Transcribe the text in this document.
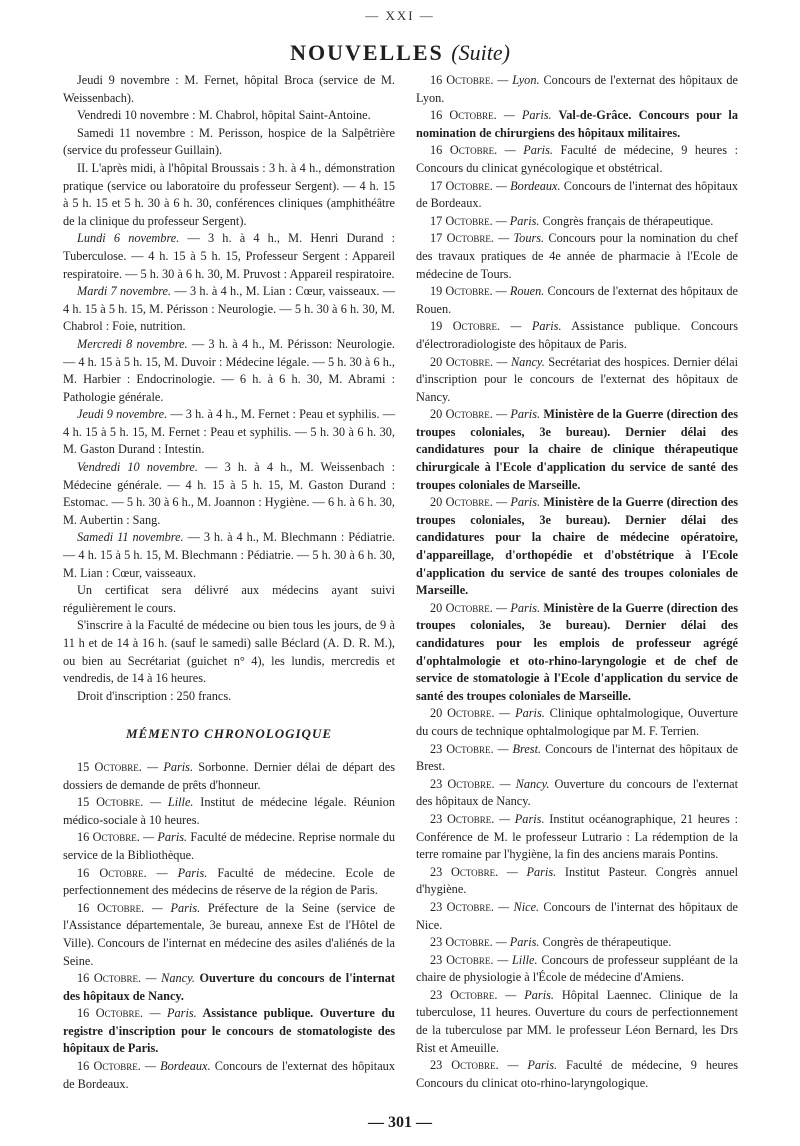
— XXI —
NOUVELLES (Suite)

Jeudi 9 novembre : M. Fernet, hôpital Broca (service de M. Weissenbach).

Vendredi 10 novembre : M. Chabrol, hôpital Saint-Antoine.

Samedi 11 novembre : M. Perisson, hospice de la Salpêtrière (service du professeur Guillain).

II. L'après midi, à l'hôpital Broussais : 3 h. à 4 h., démonstration pratique (service ou laboratoire du professeur Sergent). — 4 h. 15 à 5 h. 15 et 5 h. 30 à 6 h. 30, conférences cliniques (amphithéâtre de la clinique du professeur Sergent).

Lundi 6 novembre. — 3 h. à 4 h., M. Henri Durand : Tuberculose. — 4 h. 15 à 5 h. 15, Professeur Sergent : Appareil respiratoire. — 5 h. 30 à 6 h. 30, M. Pruvost : Appareil respiratoire.

Mardi 7 novembre. — 3 h. à 4 h., M. Lian : Cœur, vaisseaux. — 4 h. 15 à 5 h. 15, M. Périsson : Neurologie. — 5 h. 30 à 6 h. 30, M. Chabrol : Foie, nutrition.

Mercredi 8 novembre. — 3 h. à 4 h., M. Périsson: Neurologie. — 4 h. 15 à 5 h. 15, M. Duvoir : Médecine légale. — 5 h. 30 à 6 h., M. Harbier : Endocrinologie. — 6 h. à 6 h. 30, M. Abrami : Pathologie générale.

Jeudi 9 novembre. — 3 h. à 4 h., M. Fernet : Peau et syphilis. — 4 h. 15 à 5 h. 15, M. Fernet : Peau et syphilis. — 5 h. 30 à 6 h. 30, M. Gaston Durand : Intestin.

Vendredi 10 novembre. — 3 h. à 4 h., M. Weissenbach : Médecine générale. — 4 h. 15 à 5 h. 15, M. Gaston Durand : Estomac. — 5 h. 30 à 6 h., M. Joannon : Hygiène. — 6 h. à 6 h. 30, M. Aubertin : Sang.

Samedi 11 novembre. — 3 h. à 4 h., M. Blechmann : Pédiatrie. — 4 h. 15 à 5 h. 15, M. Blechmann : Pédiatrie. — 5 h. 30 à 6 h. 30, M. Lian : Cœur, vaisseaux.

Un certificat sera délivré aux médecins ayant suivi régulièrement le cours.

S'inscrire à la Faculté de médecine ou bien tous les jours, de 9 à 11 h et de 14 à 16 h. (sauf le samedi) salle Béclard (A. D. R. M.), ou bien au Secrétariat (guichet n° 4), les lundis, mercredis et vendredis, de 14 à 16 heures.

Droit d'inscription : 250 francs.

MÉMENTO CHRONOLOGIQUE

15 Octobre. — Paris. Sorbonne. Dernier délai de départ des dossiers de demande de prêts d'honneur.

15 Octobre. — Lille. Institut de médecine légale. Réunion médico-sociale à 10 heures.

16 Octobre. — Paris. Faculté de médecine. Reprise normale du service de la Bibliothèque.

16 Octobre. — Paris. Faculté de médecine. Ecole de perfectionnement des médecins de réserve de la région de Paris.

16 Octobre. — Paris. Préfecture de la Seine (service de l'Assistance départementale, 3e bureau, annexe Est de l'Hôtel de Ville). Concours de l'internat en médecine des asiles d'aliénés de la Seine.

16 Octobre. — Nancy. Ouverture du concours de l'internat des hôpitaux de Nancy.

16 Octobre. — Paris. Assistance publique. Ouverture du registre d'inscription pour le concours de stomatologiste des hôpitaux de Paris.

16 Octobre. — Bordeaux. Concours de l'externat des hôpitaux de Bordeaux.

16 Octobre. — Lyon. Concours de l'externat des hôpitaux de Lyon.

16 Octobre. — Paris. Val-de-Grâce. Concours pour la nomination de chirurgiens des hôpitaux militaires.

16 Octobre. — Paris. Faculté de médecine, 9 heures : Concours du clinicat gynécologique et obstétrical.

17 Octobre. — Bordeaux. Concours de l'internat des hôpitaux de Bordeaux.

17 Octobre. — Paris. Congrès français de thérapeutique.

17 Octobre. — Tours. Concours pour la nomination du chef des travaux pratiques de 4e année de pharmacie à l'Ecole de médecine de Tours.

19 Octobre. — Rouen. Concours de l'externat des hôpitaux de Rouen.

19 Octobre. — Paris. Assistance publique. Concours d'électroradiologiste des hôpitaux de Paris.

20 Octobre. — Nancy. Secrétariat des hospices. Dernier délai d'inscription pour le concours de l'externat des hôpitaux de Nancy.

20 Octobre. — Paris. Ministère de la Guerre (direction des troupes coloniales, 3e bureau). Dernier délai des candidatures pour la chaire de clinique thérapeutique chirurgicale à l'Ecole d'application du service de santé des troupes coloniales de Marseille.

20 Octobre. — Paris. Ministère de la Guerre (direction des troupes coloniales, 3e bureau). Dernier délai des candidatures pour la chaire de médecine opératoire, d'appareillage, d'orthopédie et d'obstétrique à l'Ecole d'application du service de santé des troupes coloniales de Marseille.

20 Octobre. — Paris. Ministère de la Guerre (direction des troupes coloniales, 3e bureau). Dernier délai des candidatures pour les emplois de professeur agrégé d'ophtalmologie et oto-rhino-laryngologie et de chef de service de stomatologie à l'Ecole d'application du service de santé des troupes coloniales de Marseille.

20 Octobre. — Paris. Clinique ophtalmologique, Ouverture du cours de technique ophtalmologique par M. F. Terrien.

23 Octobre. — Brest. Concours de l'internat des hôpitaux de Brest.

23 Octobre. — Nancy. Ouverture du concours de l'externat des hôpitaux de Nancy.

23 Octobre. — Paris. Institut océanographique, 21 heures : Conférence de M. le professeur Lutrario : La rédemption de la terre romaine par l'hygiène, la fin des anciens marais Pontins.

23 Octobre. — Paris. Institut Pasteur. Congrès annuel d'hygiène.

23 Octobre. — Nice. Concours de l'internat des hôpitaux de Nice.

23 Octobre. — Paris. Congrès de thérapeutique.

23 Octobre. — Lille. Concours de professeur suppléant de la chaire de physiologie à l'École de médecine d'Amiens.

23 Octobre. — Paris. Hôpital Laennec. Clinique de la tuberculose, 11 heures. Ouverture du cours de perfectionnement de la tuberculose par MM. le professeur Léon Bernard, les Drs Rist et Ameuille.

23 Octobre. — Paris. Faculté de médecine, 9 heures Concours du clinicat oto-rhino-laryngologique.

— 301 —
